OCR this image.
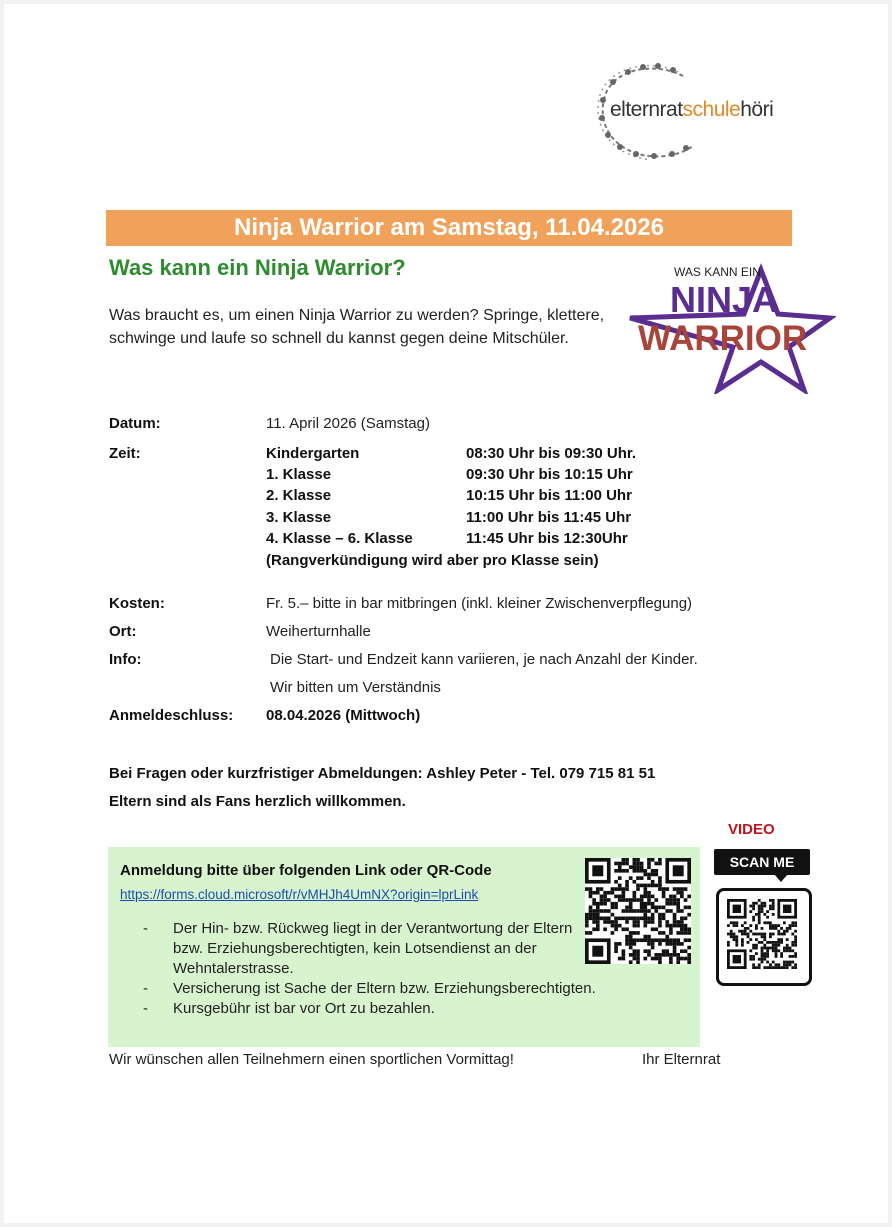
elternratschulehöri
Ninja Warrior am Samstag, 11.04.2026
Was kann ein Ninja Warrior?
Was braucht es, um einen Ninja Warrior zu werden? Springe, klettere, schwinge und laufe so schnell du kannst gegen deine Mitschüler.
WAS KANN EIN
NINJA
WARRIOR
Datum:	11. April 2026 (Samstag)
Zeit:	Kindergarten	08:30 Uhr bis 09:30 Uhr.
1. Klasse	09:30 Uhr bis 10:15 Uhr
2. Klasse	10:15 Uhr bis 11:00 Uhr
3. Klasse	11:00 Uhr bis 11:45 Uhr
4. Klasse – 6. Klasse	11:45 Uhr bis 12:30Uhr
(Rangverkündigung wird aber pro Klasse sein)
Kosten:	Fr. 5.– bitte in bar mitbringen (inkl. kleiner Zwischenverpflegung)
Ort:	Weiherturnhalle
Info:	Die Start- und Endzeit kann variieren, je nach Anzahl der Kinder.
Wir bitten um Verständnis
Anmeldeschluss: 08.04.2026 (Mittwoch)
Bei Fragen oder kurzfristiger Abmeldungen: Ashley Peter - Tel. 079 715 81 51
Eltern sind als Fans herzlich willkommen.
VIDEO
SCAN ME
Anmeldung bitte über folgenden Link oder QR-Code
https://forms.cloud.microsoft/r/vMHJh4UmNX?origin=lprLink
- Der Hin- bzw. Rückweg liegt in der Verantwortung der Eltern bzw. Erziehungsberechtigten, kein Lotsendienst an der Wehntalerstrasse.
- Versicherung ist Sache der Eltern bzw. Erziehungsberechtigten.
- Kursgebühr ist bar vor Ort zu bezahlen.
Wir wünschen allen Teilnehmern einen sportlichen Vormittag!	Ihr Elternrat
